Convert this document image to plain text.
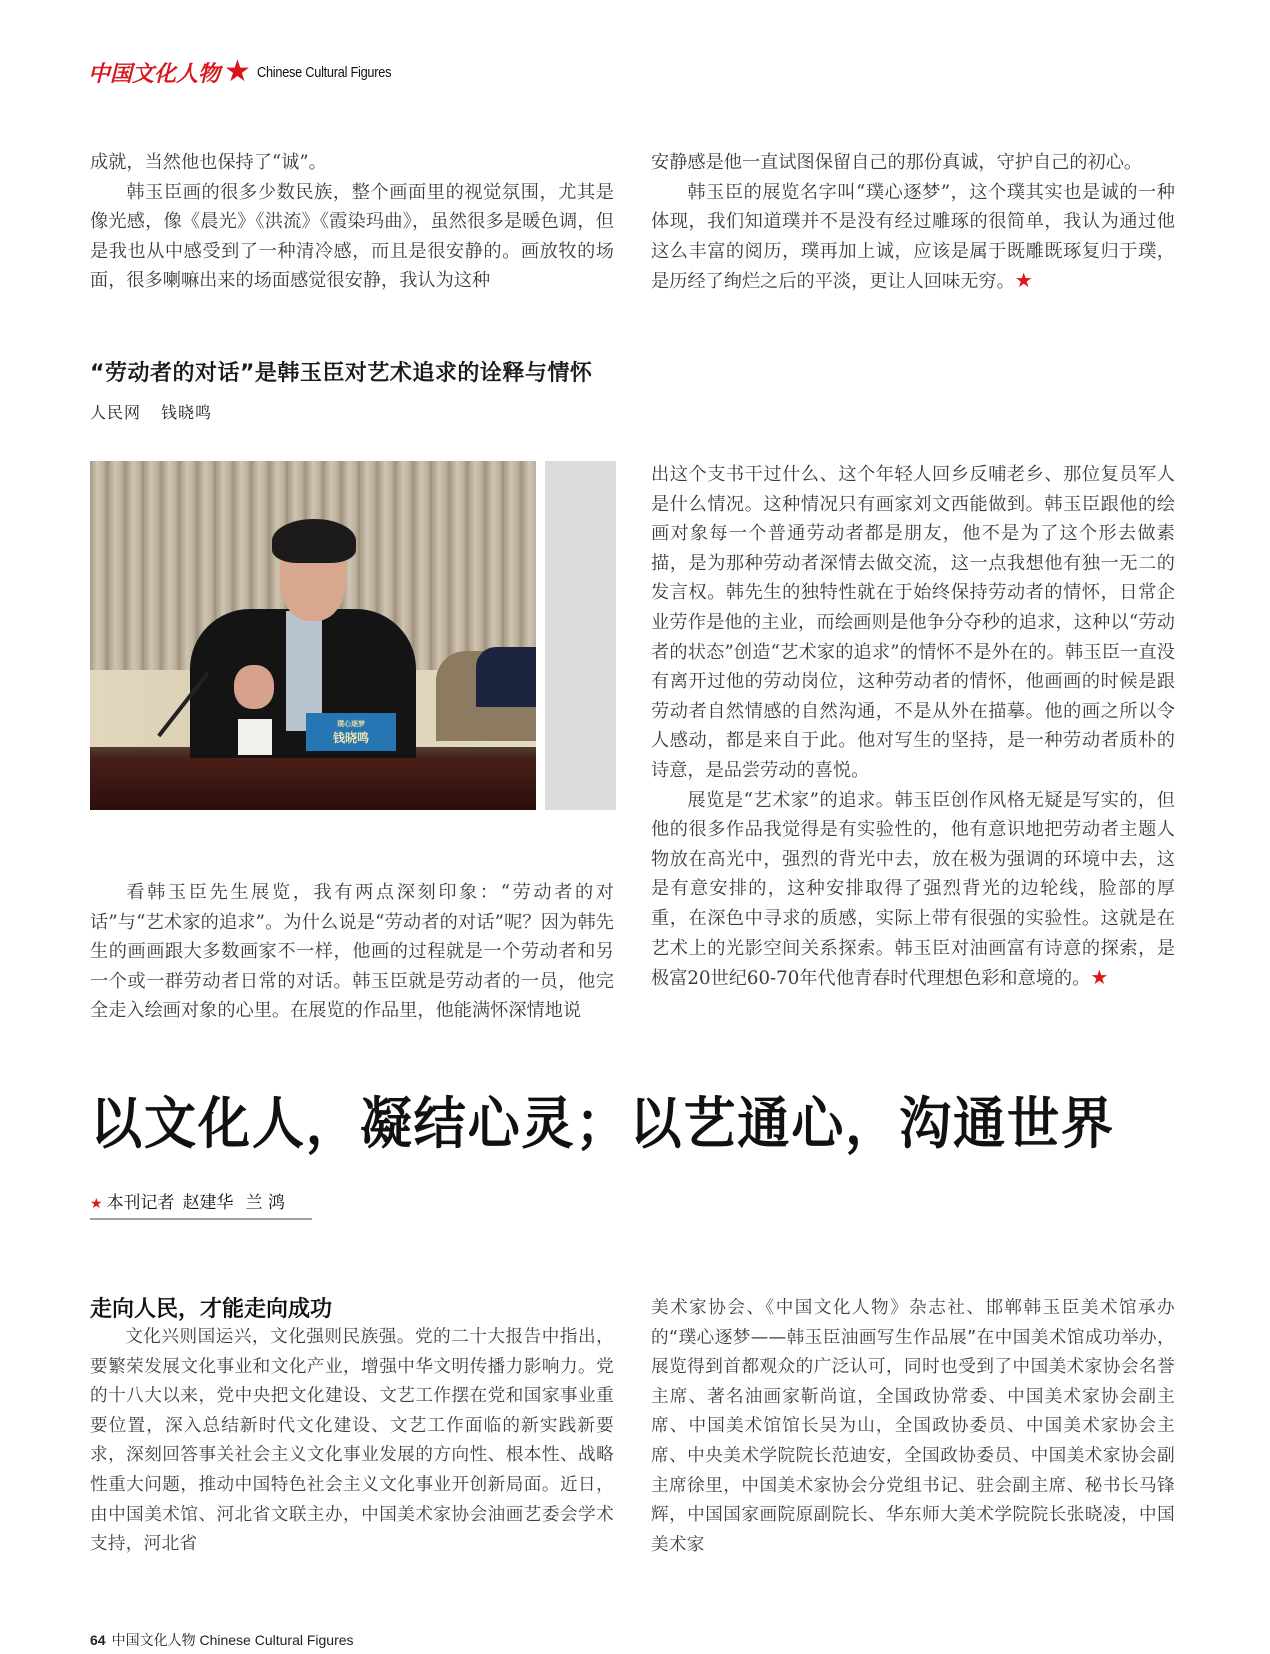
中国文化人物 ★ Chinese Cultural Figures

成就，当然他也保持了“诚”。

韩玉臣画的很多少数民族，整个画面里的视觉氛围，尤其是像光感，像《晨光》《洪流》《霞染玛曲》，虽然很多是暖色调，但是我也从中感受到了一种清冷感，而且是很安静的。画放牧的场面，很多喇嘛出来的场面感觉很安静，我认为这种

安静感是他一直试图保留自己的那份真诚，守护自己的初心。

韩玉臣的展览名字叫“璞心逐梦”，这个璞其实也是诚的一种体现，我们知道璞并不是没有经过雕琢的很简单，我认为通过他这么丰富的阅历，璞再加上诚，应该是属于既雕既琢复归于璞，是历经了绚烂之后的平淡，更让人回味无穷。★

“劳动者的对话”是韩玉臣对艺术追求的诠释与情怀
人民网 钱晓鸣
璞心逐梦
钱晓鸣

看韩玉臣先生展览，我有两点深刻印象：“劳动者的对话”与“艺术家的追求”。为什么说是“劳动者的对话”呢？因为韩先生的画画跟大多数画家不一样，他画的过程就是一个劳动者和另一个或一群劳动者日常的对话。韩玉臣就是劳动者的一员，他完全走入绘画对象的心里。在展览的作品里，他能满怀深情地说

出这个支书干过什么、这个年轻人回乡反哺老乡、那位复员军人是什么情况。这种情况只有画家刘文西能做到。韩玉臣跟他的绘画对象每一个普通劳动者都是朋友，他不是为了这个形去做素描，是为那种劳动者深情去做交流，这一点我想他有独一无二的发言权。韩先生的独特性就在于始终保持劳动者的情怀，日常企业劳作是他的主业，而绘画则是他争分夺秒的追求，这种以“劳动者的状态”创造“艺术家的追求”的情怀不是外在的。韩玉臣一直没有离开过他的劳动岗位，这种劳动者的情怀，他画画的时候是跟劳动者自然情感的自然沟通，不是从外在描摹。他的画之所以令人感动，都是来自于此。他对写生的坚持，是一种劳动者质朴的诗意，是品尝劳动的喜悦。

展览是“艺术家”的追求。韩玉臣创作风格无疑是写实的，但他的很多作品我觉得是有实验性的，他有意识地把劳动者主题人物放在高光中，强烈的背光中去，放在极为强调的环境中去，这是有意安排的，这种安排取得了强烈背光的边轮线，脸部的厚重，在深色中寻求的质感，实际上带有很强的实验性。这就是在艺术上的光影空间关系探索。韩玉臣对油画富有诗意的探索，是极富20世纪60-70年代他青春时代理想色彩和意境的。★

以文化人，凝结心灵；以艺通心，沟通世界
★ 本刊记者 赵建华 兰 鸿
走向人民，才能走向成功

文化兴则国运兴，文化强则民族强。党的二十大报告中指出，要繁荣发展文化事业和文化产业，增强中华文明传播力影响力。党的十八大以来，党中央把文化建设、文艺工作摆在党和国家事业重要位置，深入总结新时代文化建设、文艺工作面临的新实践新要求，深刻回答事关社会主义文化事业发展的方向性、根本性、战略性重大问题，推动中国特色社会主义文化事业开创新局面。近日，由中国美术馆、河北省文联主办，中国美术家协会油画艺委会学术支持，河北省

美术家协会、《中国文化人物》杂志社、邯郸韩玉臣美术馆承办的“璞心逐梦——韩玉臣油画写生作品展”在中国美术馆成功举办，展览得到首都观众的广泛认可，同时也受到了中国美术家协会名誉主席、著名油画家靳尚谊，全国政协常委、中国美术家协会副主席、中国美术馆馆长吴为山，全国政协委员、中国美术家协会主席、中央美术学院院长范迪安，全国政协委员、中国美术家协会副主席徐里，中国美术家协会分党组书记、驻会副主席、秘书长马锋辉，中国国家画院原副院长、华东师大美术学院院长张晓凌，中国美术家

64 中国文化人物 Chinese Cultural Figures
